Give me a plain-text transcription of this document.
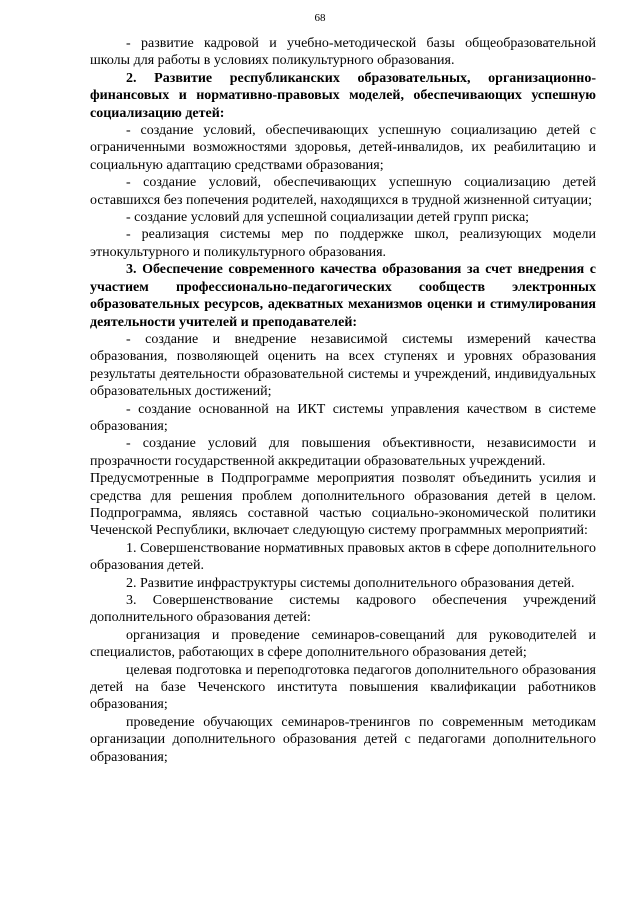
68

- развитие кадровой и учебно-методической базы общеобразовательной школы для работы в условиях поликультурного образования.

2. Развитие республиканских образовательных, организационно-финансовых и нормативно-правовых моделей, обеспечивающих успешную социализацию детей:

- создание условий, обеспечивающих успешную социализацию детей с ограниченными возможностями здоровья, детей-инвалидов, их реабилитацию и социальную адаптацию средствами образования;

- создание условий, обеспечивающих успешную социализацию детей оставшихся без попечения родителей, находящихся в трудной жизненной ситуации;

- создание условий для успешной социализации детей групп риска;

- реализация системы мер по поддержке школ, реализующих модели этнокультурного и поликультурного образования.

3. Обеспечение современного качества образования за счет внедрения с участием профессионально-педагогических сообществ электронных образовательных ресурсов, адекватных механизмов оценки и стимулирования деятельности учителей и преподавателей:

- создание и внедрение независимой системы измерений качества образования, позволяющей оценить на всех ступенях и уровнях образования результаты деятельности образовательной системы и учреждений, индивидуальных образовательных достижений;

- создание основанной на ИКТ системы управления качеством в системе образования;

- создание условий для повышения объективности, независимости и прозрачности государственной аккредитации образовательных учреждений.

Предусмотренные в Подпрограмме мероприятия позволят объединить усилия и средства для решения проблем дополнительного образования детей в целом. Подпрограмма, являясь составной частью социально-экономической политики Чеченской Республики, включает следующую систему программных мероприятий:

1. Совершенствование нормативных правовых актов в сфере дополнительного образования детей.

2. Развитие инфраструктуры системы дополнительного образования детей.

3. Совершенствование системы кадрового обеспечения учреждений дополнительного образования детей:

организация и проведение семинаров-совещаний для руководителей и специалистов, работающих в сфере дополнительного образования детей;

целевая подготовка и переподготовка педагогов дополнительного образования детей на базе Чеченского института повышения квалификации работников образования;

проведение обучающих семинаров-тренингов по современным методикам организации дополнительного образования детей с педагогами дополнительного образования;
